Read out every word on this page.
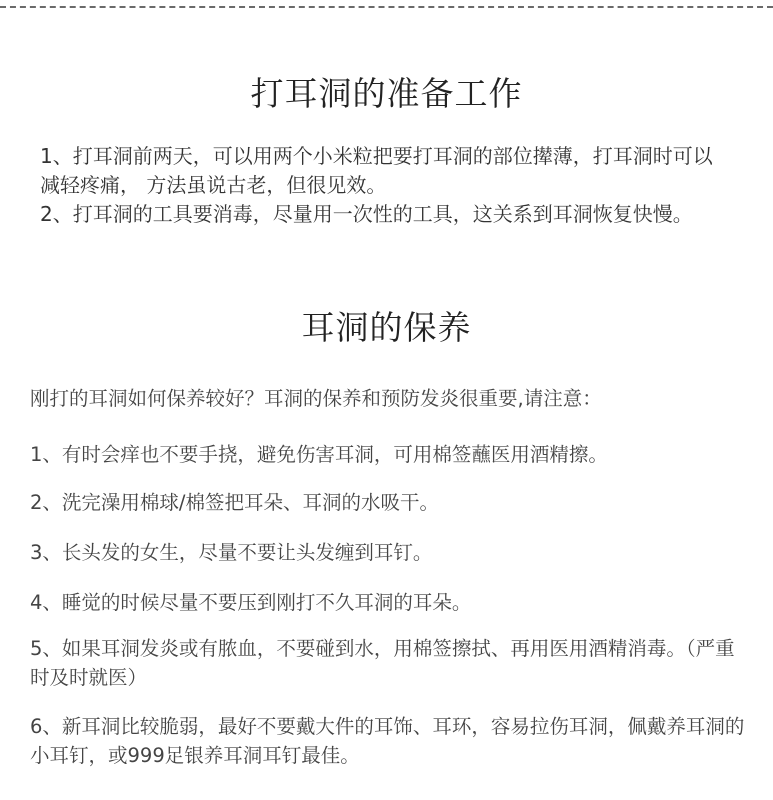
打耳洞的准备工作

1、打耳洞前两天，可以用两个小米粒把要打耳洞的部位撵薄，打耳洞时可以减轻疼痛， 方法虽说古老，但很见效。

2、打耳洞的工具要消毒，尽量用一次性的工具，这关系到耳洞恢复快慢。

耳洞的保养

刚打的耳洞如何保养较好？耳洞的保养和预防发炎很重要,请注意：

1、有时会痒也不要手挠，避免伤害耳洞，可用棉签蘸医用酒精擦。

2、洗完澡用棉球/棉签把耳朵、耳洞的水吸干。

3、长头发的女生，尽量不要让头发缠到耳钉。

4、睡觉的时候尽量不要压到刚打不久耳洞的耳朵。

5、如果耳洞发炎或有脓血，不要碰到水，用棉签擦拭、再用医用酒精消毒。（严重时及时就医）

6、新耳洞比较脆弱，最好不要戴大件的耳饰、耳环，容易拉伤耳洞，佩戴养耳洞的小耳钉，或999足银养耳洞耳钉最佳。
